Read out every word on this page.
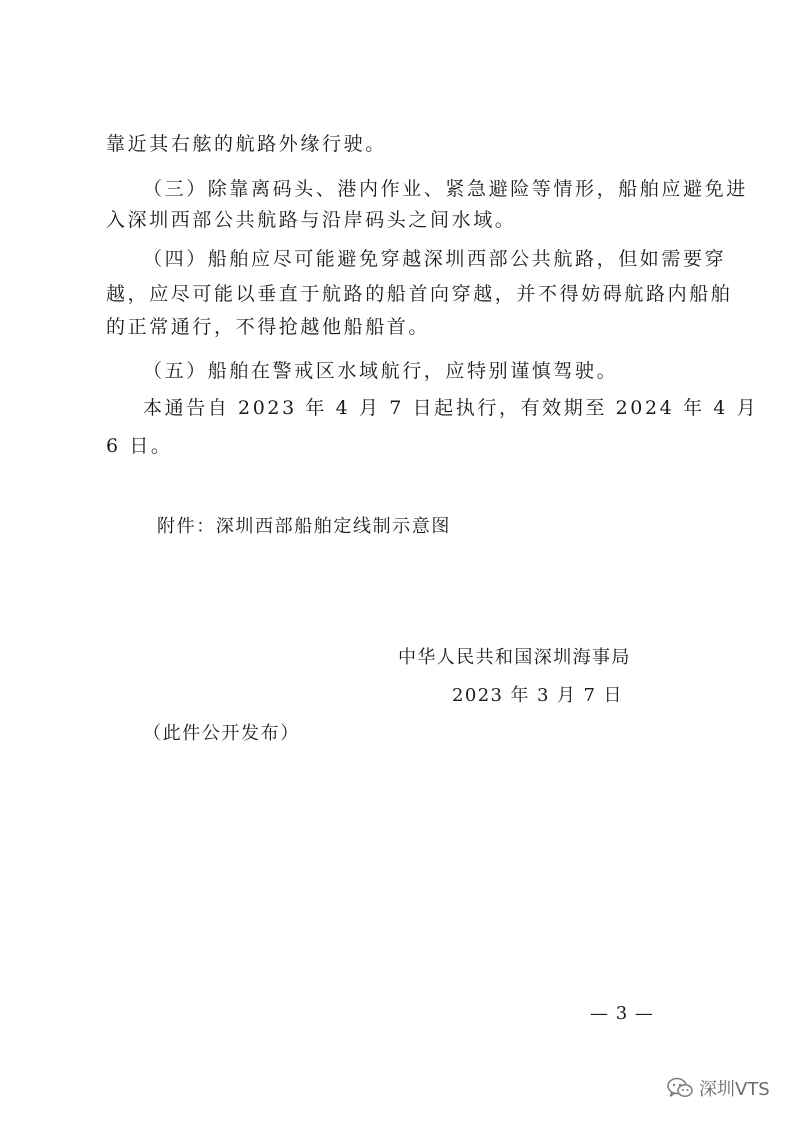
靠近其右舷的航路外缘行驶。
（三）除靠离码头、港内作业、紧急避险等情形，船舶应避免进
入深圳西部公共航路与沿岸码头之间水域。
（四）船舶应尽可能避免穿越深圳西部公共航路，但如需要穿
越，应尽可能以垂直于航路的船首向穿越，并不得妨碍航路内船舶
的正常通行，不得抢越他船船首。
（五）船舶在警戒区水域航行，应特别谨慎驾驶。
本通告自 2023 年 4 月 7 日起执行，有效期至 2024 年 4 月
6 日。
附件：深圳西部船舶定线制示意图
中华人民共和国深圳海事局
2023 年 3 月 7 日
（此件公开发布）
— 3 —
深圳VTS
